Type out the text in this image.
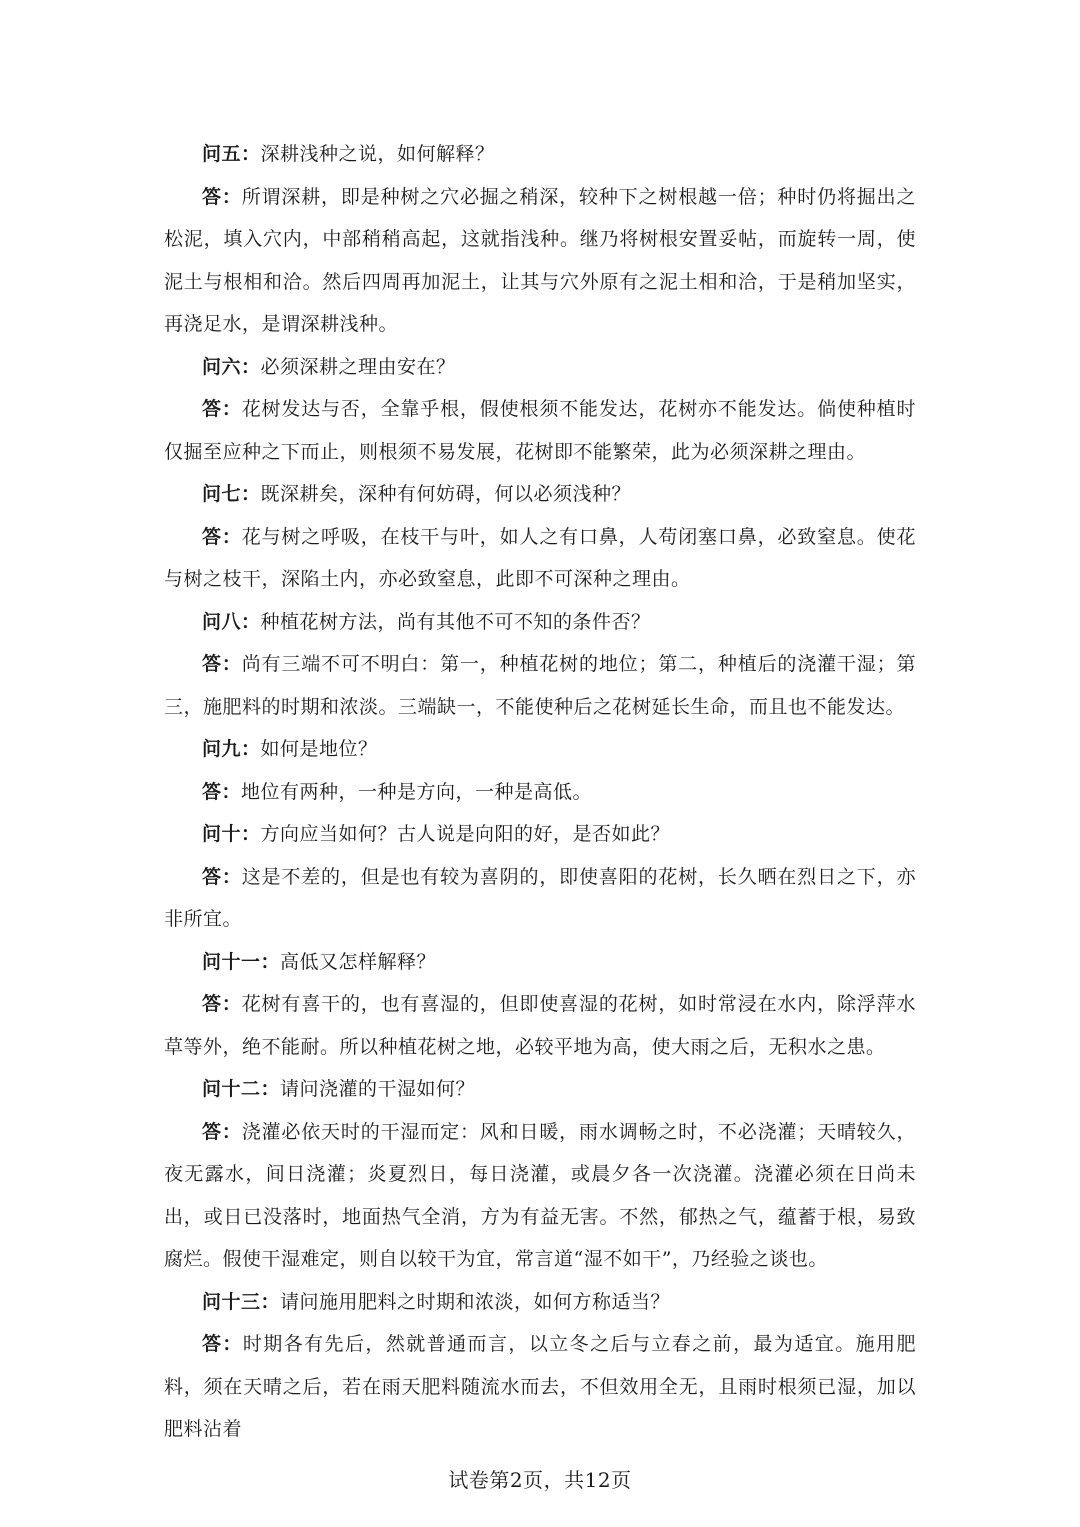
问五：深耕浅种之说，如何解释？

答：所谓深耕，即是种树之穴必掘之稍深，较种下之树根越一倍；种时仍将掘出之松泥，填入穴内，中部稍稍高起，这就指浅种。继乃将树根安置妥帖，而旋转一周，使泥土与根相和洽。然后四周再加泥土，让其与穴外原有之泥土相和洽，于是稍加坚实，再浇足水，是谓深耕浅种。

问六：必须深耕之理由安在？

答：花树发达与否，全靠乎根，假使根须不能发达，花树亦不能发达。倘使种植时仅掘至应种之下而止，则根须不易发展，花树即不能繁荣，此为必须深耕之理由。

问七：既深耕矣，深种有何妨碍，何以必须浅种？

答：花与树之呼吸，在枝干与叶，如人之有口鼻，人苟闭塞口鼻，必致窒息。使花与树之枝干，深陷土内，亦必致窒息，此即不可深种之理由。

问八：种植花树方法，尚有其他不可不知的条件否？

答：尚有三端不可不明白：第一，种植花树的地位；第二，种植后的浇灌干湿；第三，施肥料的时期和浓淡。三端缺一，不能使种后之花树延长生命，而且也不能发达。

问九：如何是地位？

答：地位有两种，一种是方向，一种是高低。

问十：方向应当如何？古人说是向阳的好，是否如此？

答：这是不差的，但是也有较为喜阴的，即使喜阳的花树，长久晒在烈日之下，亦非所宜。

问十一：高低又怎样解释？

答：花树有喜干的，也有喜湿的，但即使喜湿的花树，如时常浸在水内，除浮萍水草等外，绝不能耐。所以种植花树之地，必较平地为高，使大雨之后，无积水之患。

问十二：请问浇灌的干湿如何？

答：浇灌必依天时的干湿而定：风和日暖，雨水调畅之时，不必浇灌；天晴较久，夜无露水，间日浇灌；炎夏烈日，每日浇灌，或晨夕各一次浇灌。浇灌必须在日尚未出，或日已没落时，地面热气全消，方为有益无害。不然，郁热之气，蕴蓄于根，易致腐烂。假使干湿难定，则自以较干为宜，常言道“湿不如干”，乃经验之谈也。

问十三：请问施用肥料之时期和浓淡，如何方称适当？

答：时期各有先后，然就普通而言，以立冬之后与立春之前，最为适宜。施用肥料，须在天晴之后，若在雨天肥料随流水而去，不但效用全无，且雨时根须已湿，加以肥料沾着

试卷第2页，共12页
